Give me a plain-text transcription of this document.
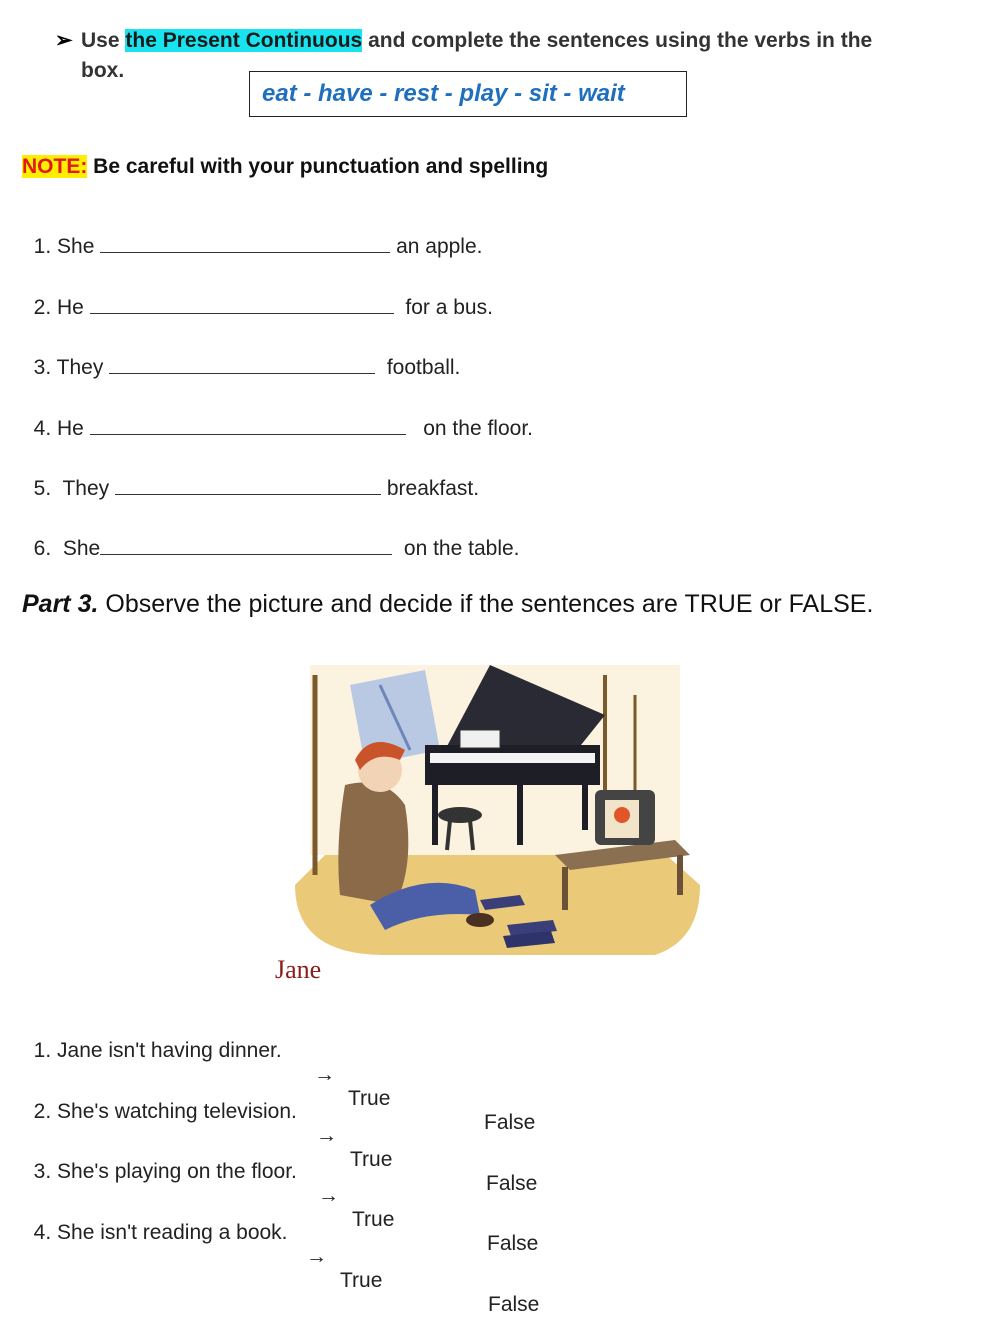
➢ Use the Present Continuous and complete the sentences using the verbs in the
box.
eat - have - rest - play - sit - wait
NOTE: Be careful with your punctuation and spelling

1. She	an apple.

2. He	for a bus.

3. They	football.

4. He	on the floor.

5.  They	breakfast.

6.  She	on the table.

Part 3. Observe the picture and decide if the sentences are TRUE or FALSE.
Jane

1. Jane isn't having dinner.

→

True

False

2. She's watching television.

→

True

False

3. She's playing on the floor.

→

True

False

4. She isn't reading a book.

→

True

False
